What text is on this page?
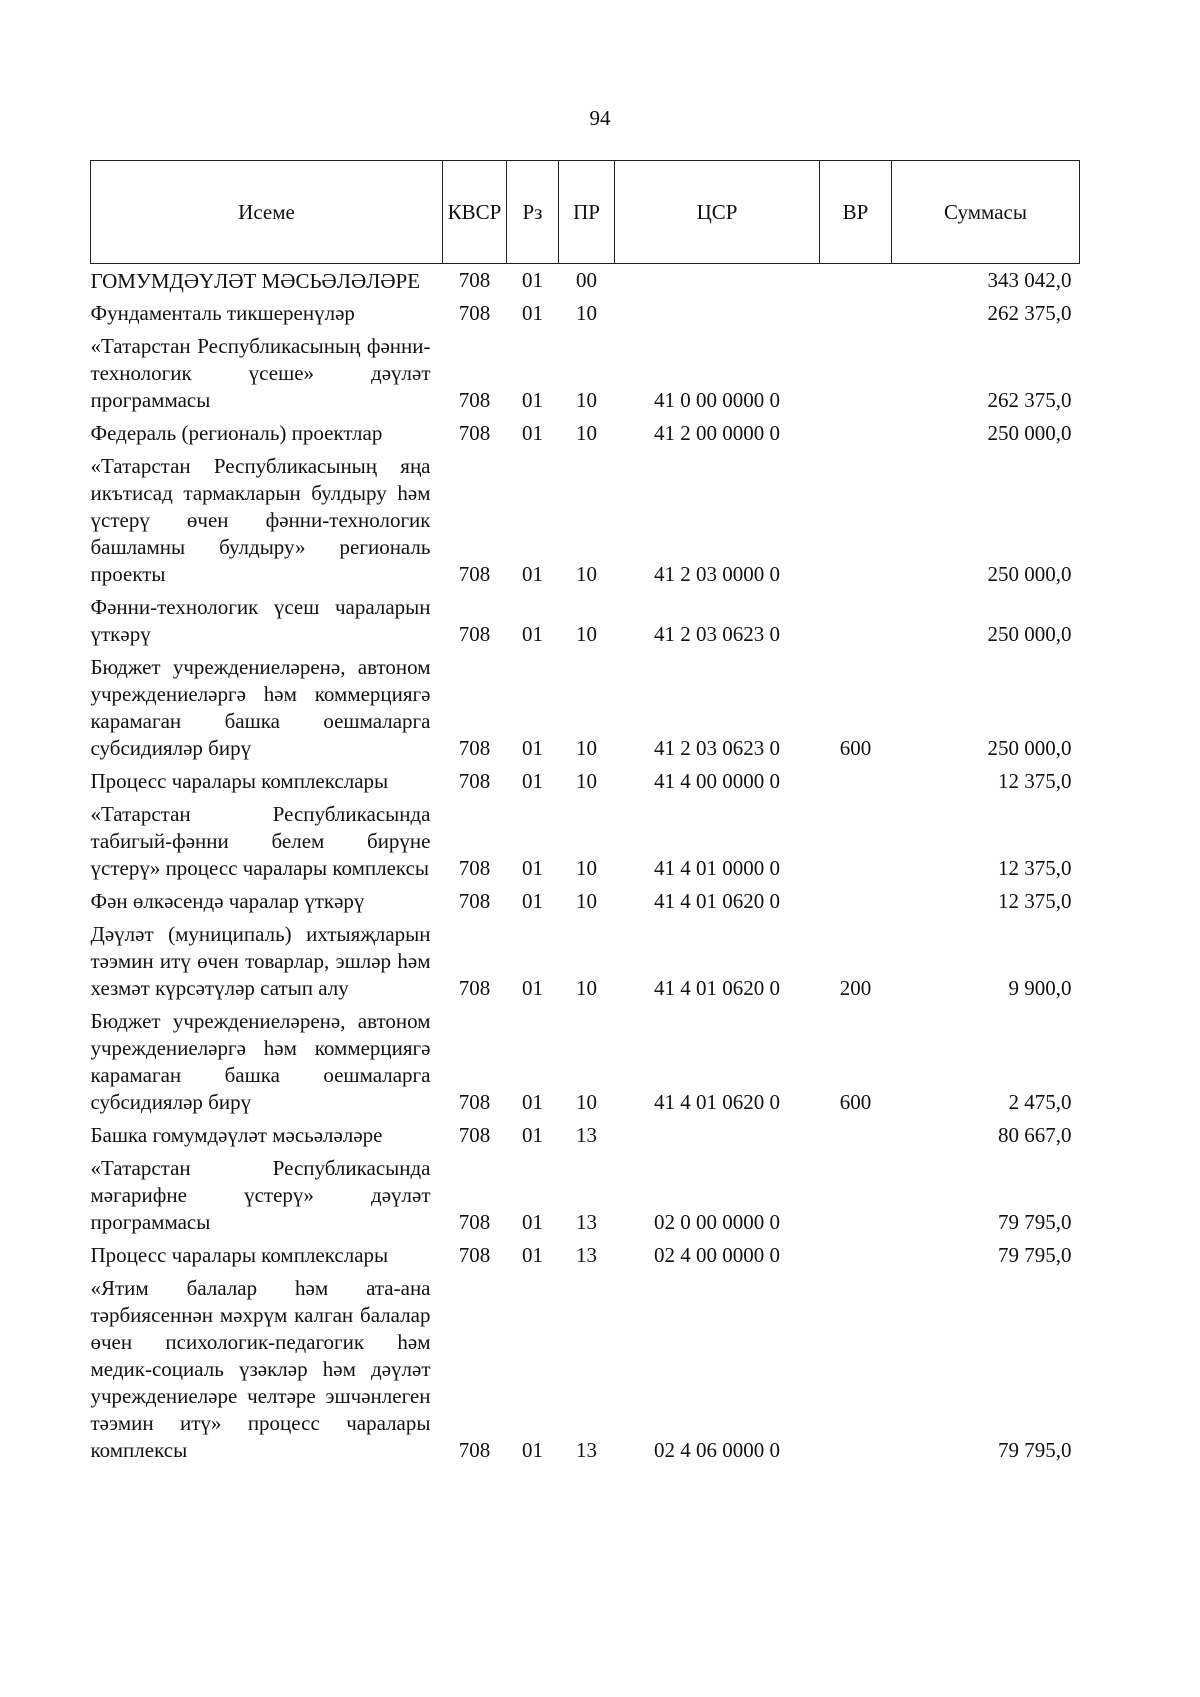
94
Исеме	КВСР	Рз	ПР	ЦСР	ВР	Суммасы
ГОМУМДӘҮЛӘТ МӘСЬӘЛӘЛӘРЕ	708	01	00			343 042,0
Фундаменталь тикшеренүләр	708	01	10			262 375,0
«Татарстан Республикасының фәнни-технологик үсеше» дәүләт программасы	708	01	10	41 0 00 0000 0		262 375,0
Федераль (региональ) проектлар	708	01	10	41 2 00 0000 0		250 000,0
«Татарстан Республикасының яңа икътисад тармакларын булдыру һәм үстерү өчен фәнни-технологик башламны булдыру» региональ проекты	708	01	10	41 2 03 0000 0		250 000,0
Фәнни-технологик үсеш чараларын үткәрү	708	01	10	41 2 03 0623 0		250 000,0
Бюджет учреждениеләренә, автоном учреждениеләргә һәм коммерциягә карамаган башка оешмаларга субсидияләр бирү	708	01	10	41 2 03 0623 0	600	250 000,0
Процесс чаралары комплекслары	708	01	10	41 4 00 0000 0		12 375,0
«Татарстан Республикасында табигый-фәнни белем бирүне үстерү» процесс чаралары комплексы	708	01	10	41 4 01 0000 0		12 375,0
Фән өлкәсендә чаралар үткәрү	708	01	10	41 4 01 0620 0		12 375,0
Дәүләт (муниципаль) ихтыяҗларын тәэмин итү өчен товарлар, эшләр һәм хезмәт күрсәтүләр сатып алу	708	01	10	41 4 01 0620 0	200	9 900,0
Бюджет учреждениеләренә, автоном учреждениеләргә һәм коммерциягә карамаган башка оешмаларга субсидияләр бирү	708	01	10	41 4 01 0620 0	600	2 475,0
Башка гомумдәүләт мәсьәләләре	708	01	13			80 667,0
«Татарстан Республикасында мәгарифне үстерү» дәүләт программасы	708	01	13	02 0 00 0000 0		79 795,0
Процесс чаралары комплекслары	708	01	13	02 4 00 0000 0		79 795,0
«Ятим балалар һәм ата-ана тәрбиясеннән мәхрүм калган балалар өчен психологик-педагогик һәм медик-социаль үзәкләр һәм дәүләт учреждениеләре челтәре эшчәнлеген тәэмин итү» процесс чаралары комплексы	708	01	13	02 4 06 0000 0		79 795,0
